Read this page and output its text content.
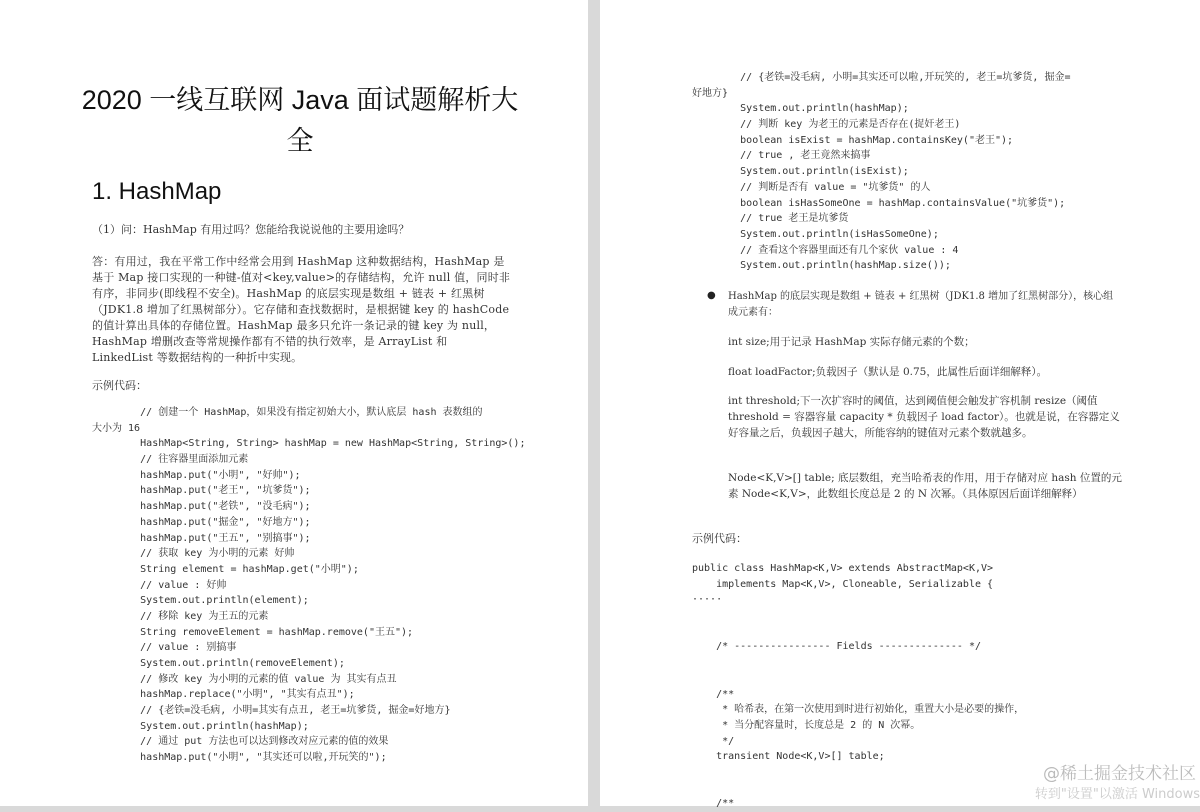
2020 一线互联网 Java 面试题解析大全
1. HashMap
（1）问：HashMap 有用过吗？您能给我说说他的主要用途吗？
答：有用过，我在平常工作中经常会用到 HashMap 这种数据结构，HashMap 是基于 Map 接口实现的一种键-值对<key,value>的存储结构，允许 null 值，同时非有序，非同步(即线程不安全)。HashMap 的底层实现是数组 + 链表 + 红黑树（JDK1.8 增加了红黑树部分）。它存储和查找数据时，是根据键 key 的 hashCode 的值计算出具体的存储位置。HashMap 最多只允许一条记录的键 key 为 null，HashMap 增删改查等常规操作都有不错的执行效率，是 ArrayList 和 LinkedList 等数据结构的一种折中实现。
示例代码：
// 创建一个 HashMap，如果没有指定初始大小，默认底层 hash 表数组的
大小为 16
HashMap<String, String> hashMap = new HashMap<String, String>();
// 往容器里面添加元素
hashMap.put("小明", "好帅");
hashMap.put("老王", "坑爹货");
hashMap.put("老铁", "没毛病");
hashMap.put("掘金", "好地方");
hashMap.put("王五", "别搞事");
// 获取 key 为小明的元素 好帅
String element = hashMap.get("小明");
// value : 好帅
System.out.println(element);
// 移除 key 为王五的元素
String removeElement = hashMap.remove("王五");
// value : 别搞事
System.out.println(removeElement);
// 修改 key 为小明的元素的值 value 为 其实有点丑
hashMap.replace("小明", "其实有点丑");
// {老铁=没毛病, 小明=其实有点丑, 老王=坑爹货, 掘金=好地方}
System.out.println(hashMap);
// 通过 put 方法也可以达到修改对应元素的值的效果
hashMap.put("小明", "其实还可以啦,开玩笑的");
// {老铁=没毛病, 小明=其实还可以啦,开玩笑的, 老王=坑爹货, 掘金=
好地方}
System.out.println(hashMap);
// 判断 key 为老王的元素是否存在(捉奸老王)
boolean isExist = hashMap.containsKey("老王");
// true , 老王竟然来搞事
System.out.println(isExist);
// 判断是否有 value = "坑爹货" 的人
boolean isHasSomeOne = hashMap.containsValue("坑爹货");
// true 老王是坑爹货
System.out.println(isHasSomeOne);
// 查看这个容器里面还有几个家伙 value : 4
System.out.println(hashMap.size());
● HashMap 的底层实现是数组 + 链表 + 红黑树（JDK1.8 增加了红黑树部分），核心组成元素有：
int size;用于记录 HashMap 实际存储元素的个数；
float loadFactor;负载因子（默认是 0.75，此属性后面详细解释）。
int threshold;下一次扩容时的阈值，达到阈值便会触发扩容机制 resize（阈值 threshold = 容器容量 capacity * 负载因子 load factor）。也就是说，在容器定义好容量之后，负载因子越大，所能容纳的键值对元素个数就越多。
Node<K,V>[] table; 底层数组，充当哈希表的作用，用于存储对应 hash 位置的元素 Node<K,V>，此数组长度总是 2 的 N 次幂。（具体原因后面详细解释）
示例代码：
public class HashMap<K,V> extends AbstractMap<K,V>
implements Map<K,V>, Cloneable, Serializable {
·····
/* ---------------- Fields -------------- */
/**
* 哈希表，在第一次使用到时进行初始化，重置大小是必要的操作，
* 当分配容量时，长度总是 2 的 N 次幂。
*/
transient Node<K,V>[] table;
/**
@稀土掘金技术社区
转到"设置"以激活 Windows
